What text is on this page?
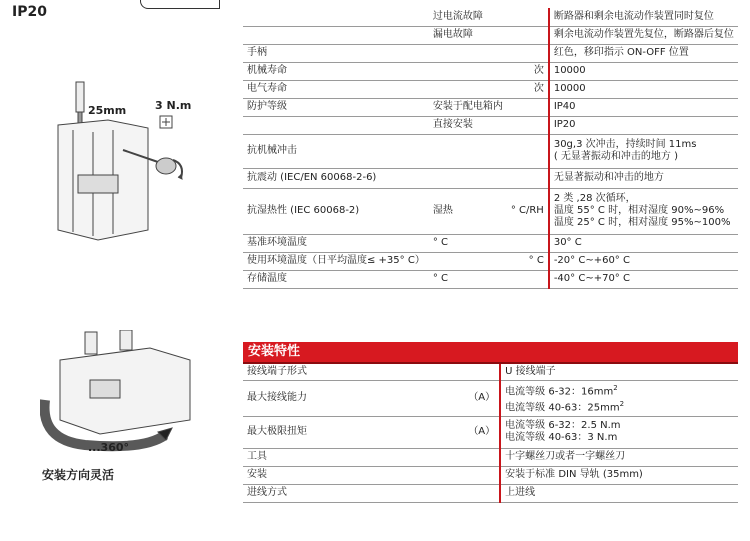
IP20
25mm	3 N.m
...360°
安装方向灵活
	过电流故障		断路器和剩余电流动作装置同时复位
	漏电故障		剩余电流动作装置先复位，断路器后复位
手柄			红色，移印指示 ON-OFF 位置
机械寿命		次	10000
电气寿命		次	10000
防护等级	安装于配电箱内		IP40
	直接安装		IP20
抗机械冲击			30g,3 次冲击，持续时间 11ms
( 无显著振动和冲击的地方 )
抗震动 (IEC/EN 60068-2-6)			无显著振动和冲击的地方
抗湿热性 (IEC 60068-2)	湿热	° C/RH	2 类 ,28 次循环，
温度 55° C 时，相对湿度 90%~96%
温度 25° C 时，相对湿度 95%~100%
基准环境温度	° C		30° C
使用环境温度（日平均温度≤ +35° C）		° C	-20° C~+60° C
存储温度	° C		-40° C~+70° C
安装特性
接线端子形式		U 接线端子
最大接线能力	（A）	电流等级 6-32：$16mm^2$
电流等级 40-63：$25mm^2$

最大极限扭矩	（A）	电流等级 6-32：2.5 N.m
电流等级 40-63：3 N.m

工具		十字螺丝刀或者一字螺丝刀
安装		安装于标准 DIN 导轨 (35mm)
进线方式		上进线
